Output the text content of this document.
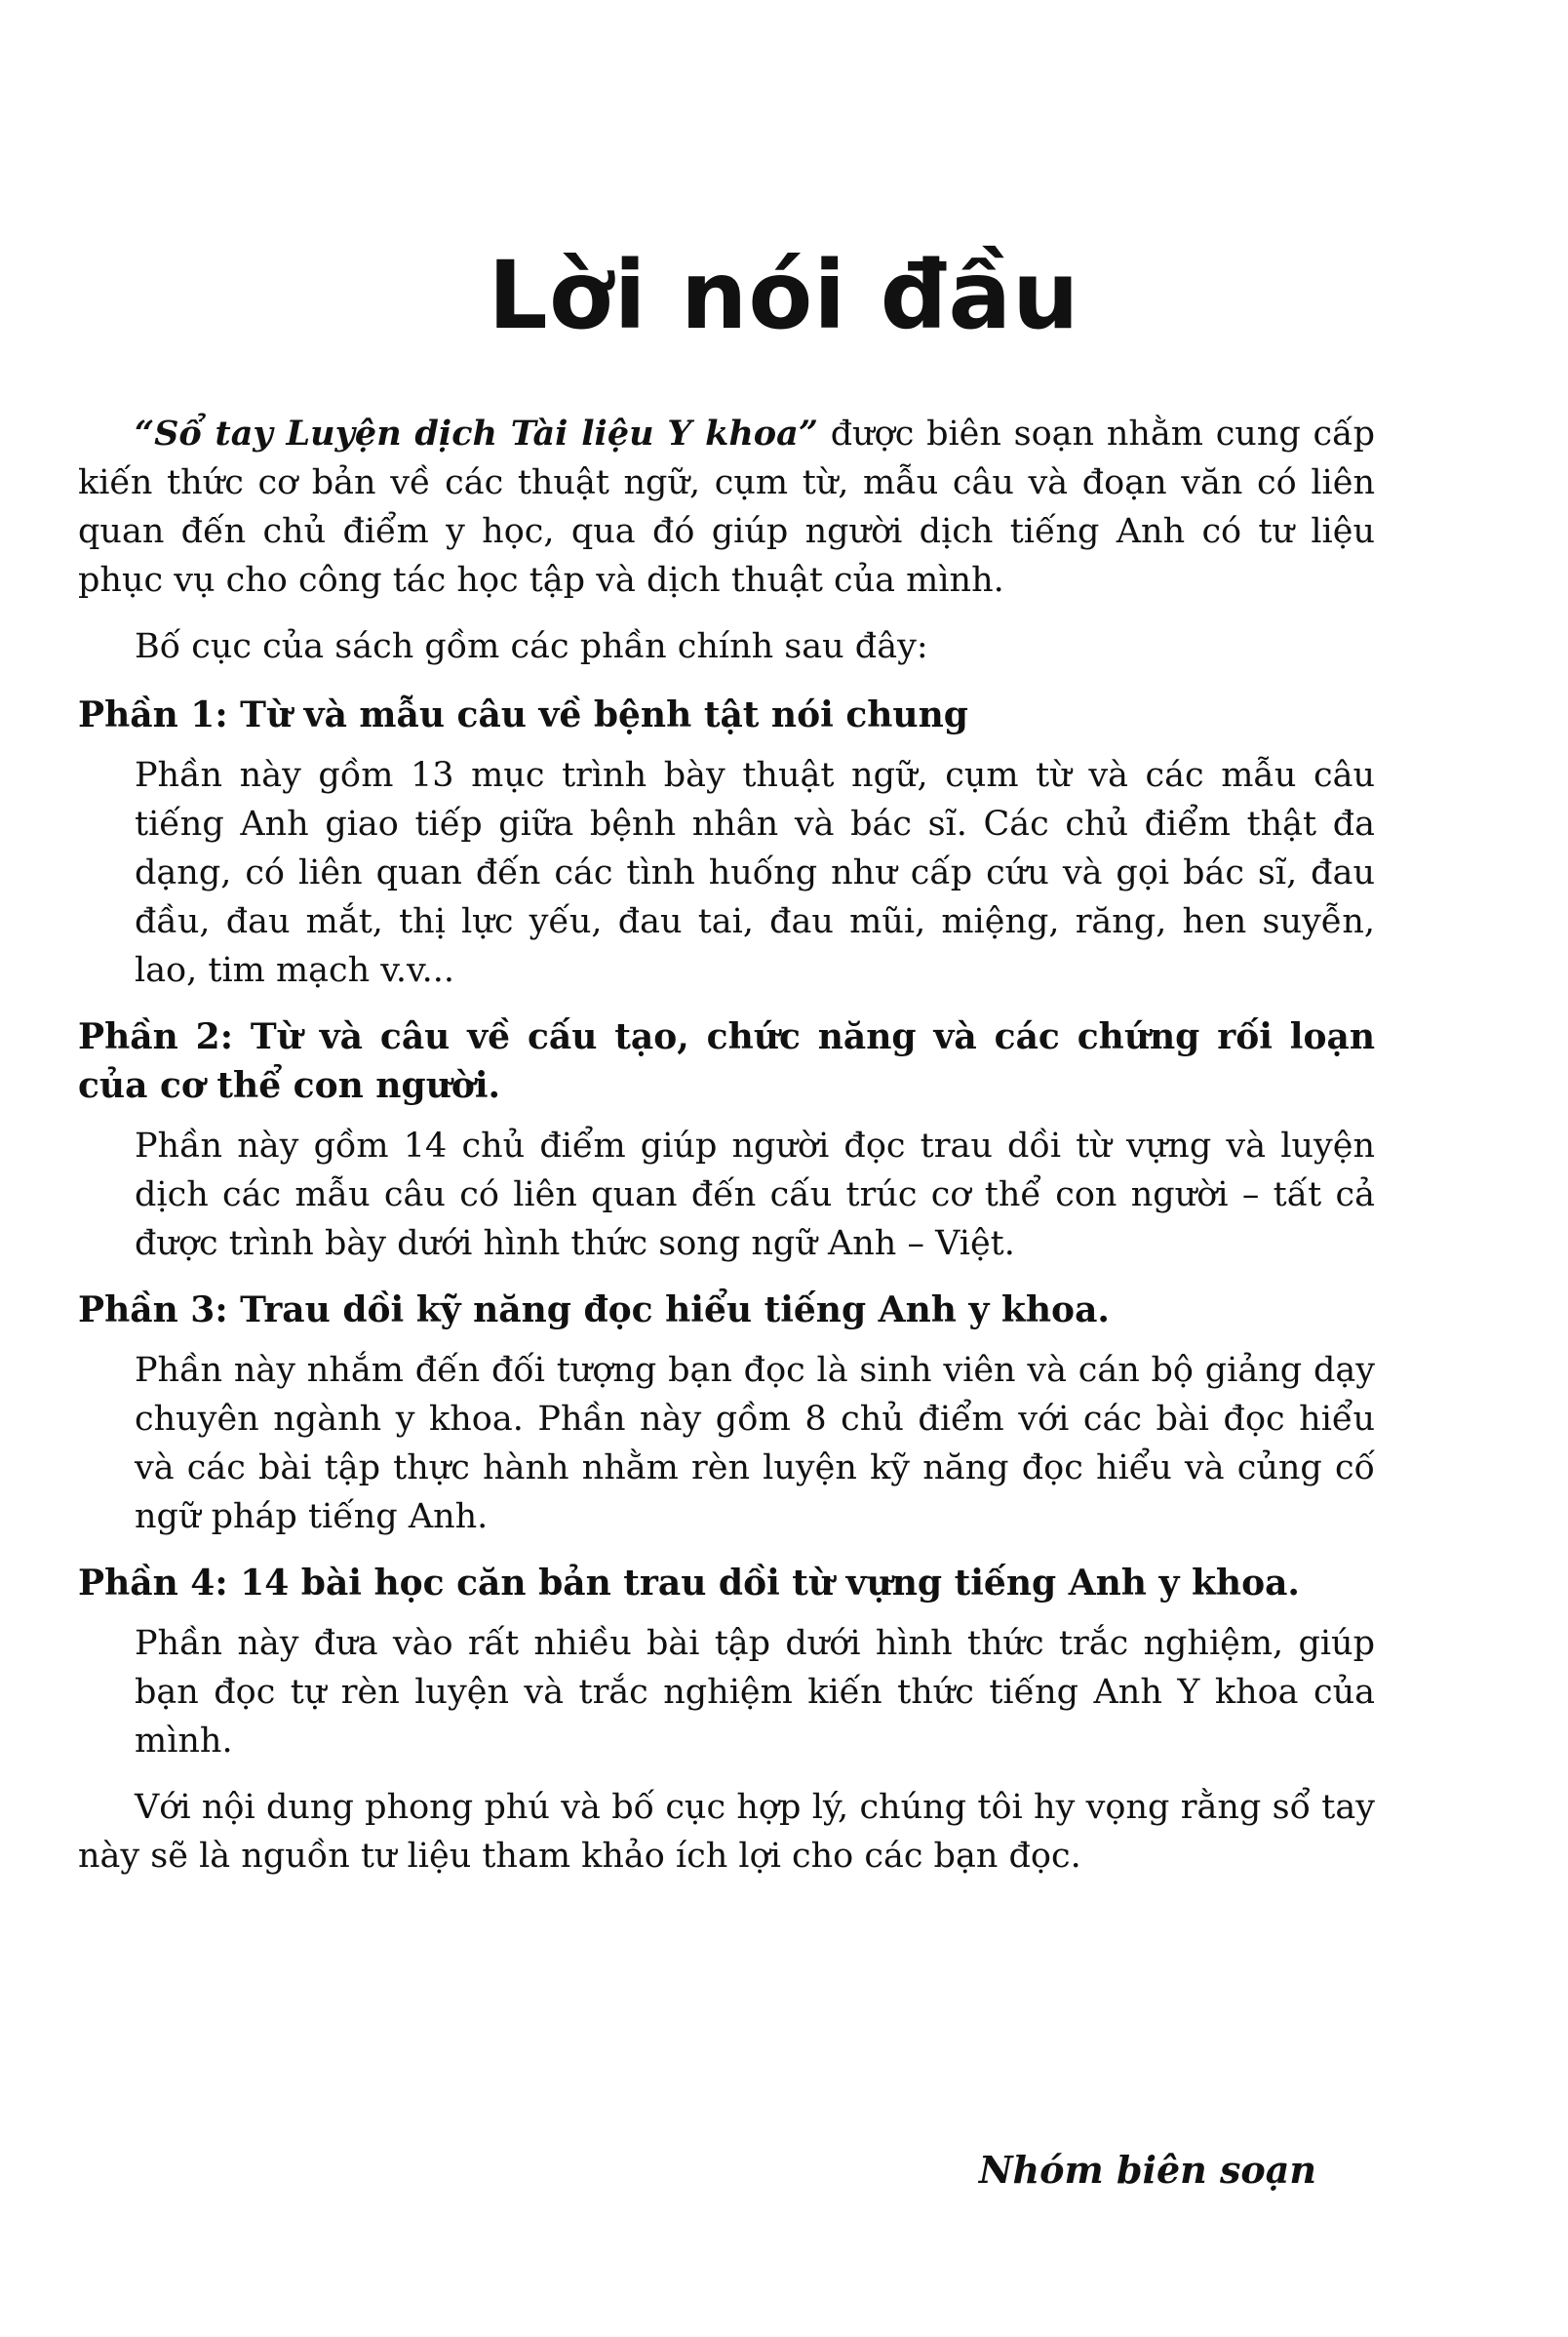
Lời nói đầu

“Sổ tay Luyện dịch Tài liệu Y khoa” được biên soạn nhằm cung cấp kiến thức cơ bản về các thuật ngữ, cụm từ, mẫu câu và đoạn văn có liên quan đến chủ điểm y học, qua đó giúp người dịch tiếng Anh có tư liệu phục vụ cho công tác học tập và dịch thuật của mình.

Bố cục của sách gồm các phần chính sau đây:

Phần 1: Từ và mẫu câu về bệnh tật nói chung

Phần này gồm 13 mục trình bày thuật ngữ, cụm từ và các mẫu câu tiếng Anh giao tiếp giữa bệnh nhân và bác sĩ. Các chủ điểm thật đa dạng, có liên quan đến các tình huống như cấp cứu và gọi bác sĩ, đau đầu, đau mắt, thị lực yếu, đau tai, đau mũi, miệng, răng, hen suyễn, lao, tim mạch v.v...

Phần 2: Từ và câu về cấu tạo, chức năng và các chứng rối loạn của cơ thể con người.

Phần này gồm 14 chủ điểm giúp người đọc trau dồi từ vựng và luyện dịch các mẫu câu có liên quan đến cấu trúc cơ thể con người – tất cả được trình bày dưới hình thức song ngữ Anh – Việt.

Phần 3: Trau dồi kỹ năng đọc hiểu tiếng Anh y khoa.

Phần này nhắm đến đối tượng bạn đọc là sinh viên và cán bộ giảng dạy chuyên ngành y khoa. Phần này gồm 8 chủ điểm với các bài đọc hiểu và các bài tập thực hành nhằm rèn luyện kỹ năng đọc hiểu và củng cố ngữ pháp tiếng Anh.

Phần 4: 14 bài học căn bản trau dồi từ vựng tiếng Anh y khoa.

Phần này đưa vào rất nhiều bài tập dưới hình thức trắc nghiệm, giúp bạn đọc tự rèn luyện và trắc nghiệm kiến thức tiếng Anh Y khoa của mình.

Với nội dung phong phú và bố cục hợp lý, chúng tôi hy vọng rằng sổ tay này sẽ là nguồn tư liệu tham khảo ích lợi cho các bạn đọc.

Nhóm biên soạn
